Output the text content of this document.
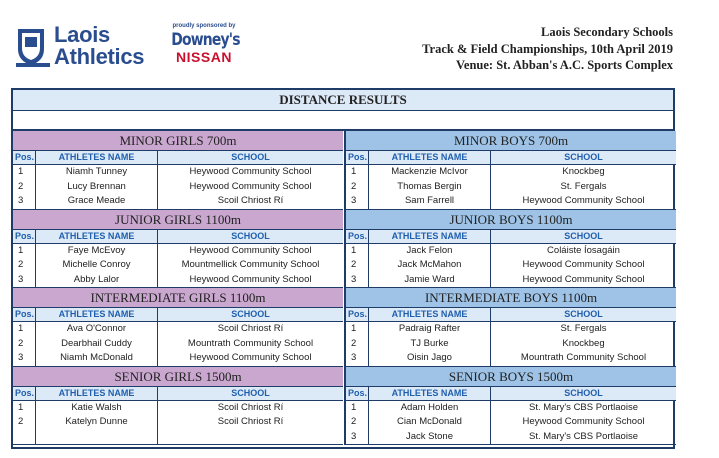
Laois
Athletics
proudly sponsored by
Downey's
NISSAN
Laois Secondary Schools
Track & Field Championships, 10th April 2019
Venue: St. Abban's A.C. Sports Complex
DISTANCE RESULTS
MINOR GIRLS 700m
Pos.	ATHLETES NAME	SCHOOL
1	Niamh Tunney	Heywood Community School
2	Lucy Brennan	Heywood Community School
3	Grace Meade	Scoil Chriost Rí
JUNIOR GIRLS 1100m
Pos.	ATHLETES NAME	SCHOOL
1	Faye McEvoy	Heywood Community School
2	Michelle Conroy	Mountmellick Community School
3	Abby Lalor	Heywood Community School
INTERMEDIATE GIRLS 1100m
Pos.	ATHLETES NAME	SCHOOL
1	Ava O'Connor	Scoil Chriost Rí
2	Dearbhail Cuddy	Mountrath Community School
3	Niamh McDonald	Heywood Community School
SENIOR GIRLS 1500m
Pos.	ATHLETES NAME	SCHOOL
1	Katie Walsh	Scoil Chriost Rí
2	Katelyn Dunne	Scoil Chriost Rí
MINOR BOYS 700m
Pos.	ATHLETES NAME	SCHOOL
1	Mackenzie McIvor	Knockbeg
2	Thomas Bergin	St. Fergals
3	Sam Farrell	Heywood Community School
JUNIOR BOYS 1100m
Pos.	ATHLETES NAME	SCHOOL
1	Jack Felon	Coláiste Íosagáin
2	Jack McMahon	Heywood Community School
3	Jamie Ward	Heywood Community School
INTERMEDIATE BOYS 1100m
Pos.	ATHLETES NAME	SCHOOL
1	Padraig Rafter	St. Fergals
2	TJ Burke	Knockbeg
3	Oisin Jago	Mountrath Community School
SENIOR BOYS 1500m
Pos.	ATHLETES NAME	SCHOOL
1	Adam Holden	St. Mary's CBS Portlaoise
2	Cian McDonald	Heywood Community School
3	Jack Stone	St. Mary's CBS Portlaoise
